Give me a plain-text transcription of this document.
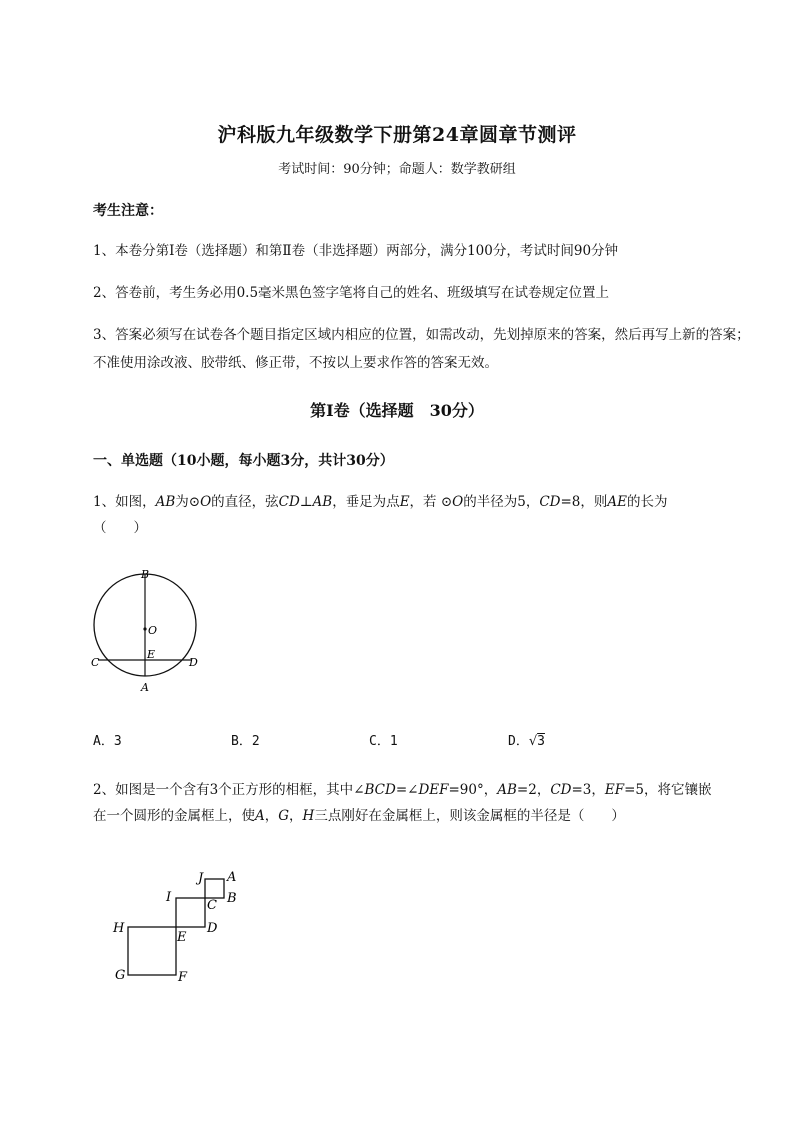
沪科版九年级数学下册第24章圆章节测评
考试时间：90分钟；命题人：数学教研组
考生注意：
1、本卷分第I卷（选择题）和第Ⅱ卷（非选择题）两部分，满分100分，考试时间90分钟
2、答卷前，考生务必用0.5毫米黑色签字笔将自己的姓名、班级填写在试卷规定位置上
3、答案必须写在试卷各个题目指定区域内相应的位置，如需改动，先划掉原来的答案，然后再写上新的答案；不准使用涂改液、胶带纸、修正带，不按以上要求作答的答案无效。
第I卷（选择题　30分）
一、单选题（10小题，每小题3分，共计30分）
1、如图，AB为⊙O的直径，弦CD⊥AB，垂足为点E，若 ⊙O的半径为5，CD=8，则AE的长为
（　　）
B
O
E
C	D
A
A．3	B．2	C．1	D．√3
2、如图是一个含有3个正方形的相框，其中∠BCD=∠DEF=90°，AB=2，CD=3，EF=5，将它镶嵌
在一个圆形的金属框上，使A，G，H三点刚好在金属框上，则该金属框的半径是（　　）
J A
B
I
C
H
E
D
G	F
